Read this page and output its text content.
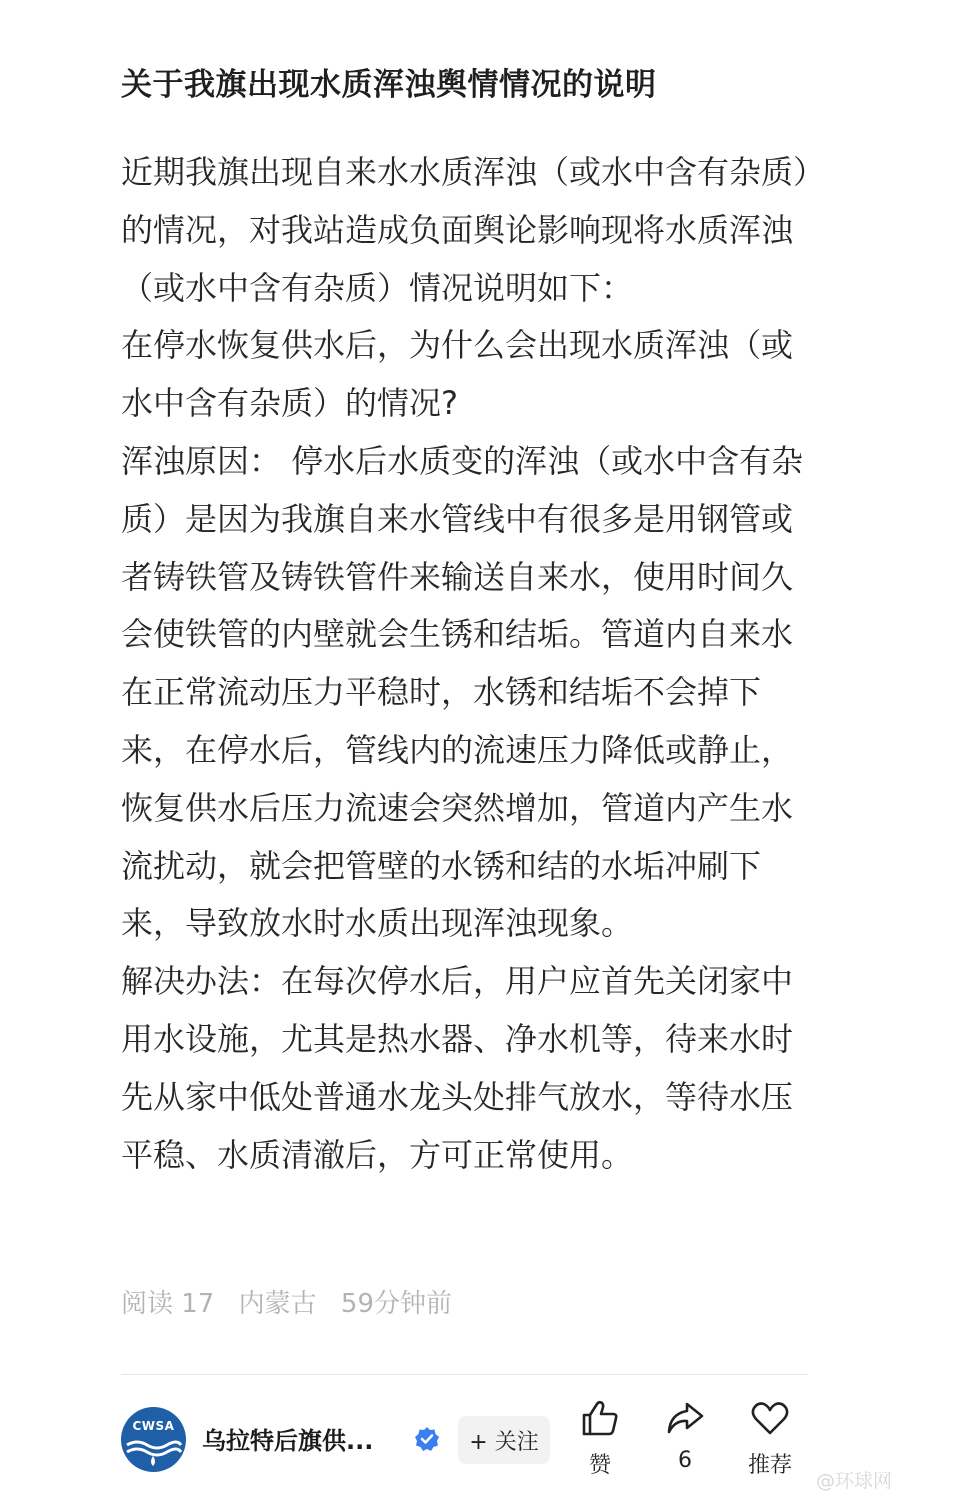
关于我旗出现水质浑浊舆情情况的说明

近期我旗出现自来水水质浑浊（或水中含有杂质）的情况，对我站造成负面舆论影响现将水质浑浊（或水中含有杂质）情况说明如下：

在停水恢复供水后，为什么会出现水质浑浊（或水中含有杂质）的情况?

浑浊原因： 停水后水质变的浑浊（或水中含有杂质）是因为我旗自来水管线中有很多是用钢管或者铸铁管及铸铁管件来输送自来水，使用时间久会使铁管的内壁就会生锈和结垢。管道内自来水在正常流动压力平稳时，水锈和结垢不会掉下来，在停水后，管线内的流速压力降低或静止，恢复供水后压力流速会突然增加，管道内产生水流扰动，就会把管壁的水锈和结的水垢冲刷下来，导致放水时水质出现浑浊现象。

解决办法：在每次停水后，用户应首先关闭家中用水设施，尤其是热水器、净水机等，待来水时先从家中低处普通水龙头处排气放水，等待水压平稳、水质清澈后，方可正常使用。

阅读 17 内蒙古 59分钟前
CWSA
乌拉特后旗供...	+ 关注
赞	6	推荐
@环球网
